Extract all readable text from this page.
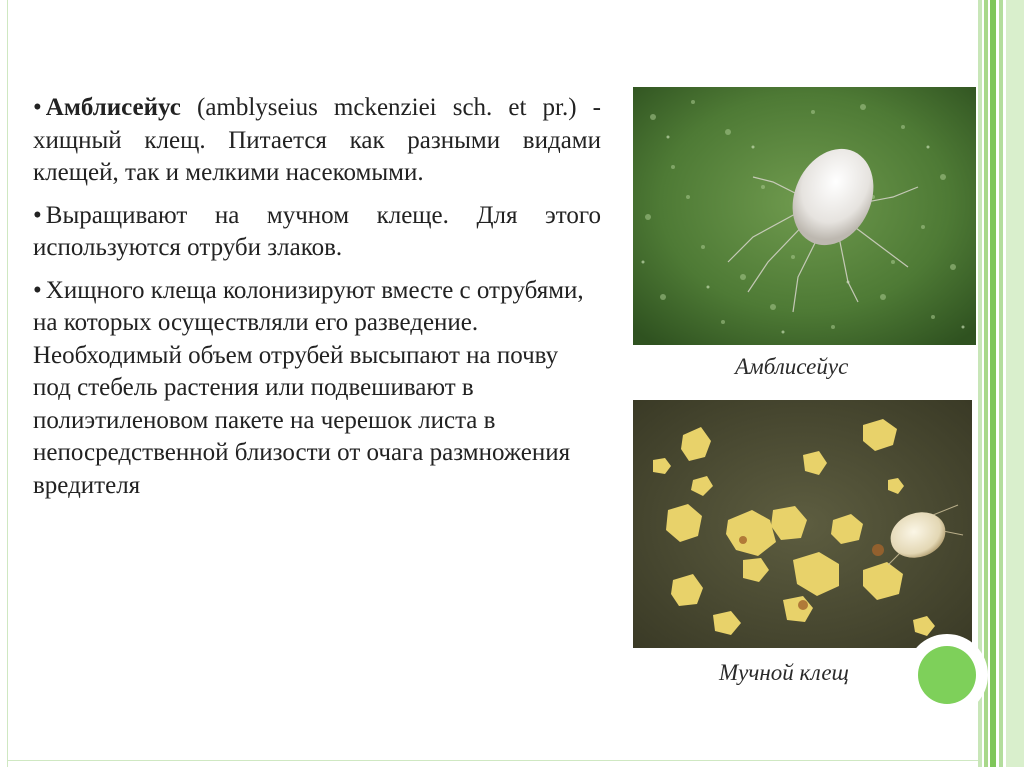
• Амблисейус (amblyseius mckenziei sch. et pr.) - хищный клещ. Питается как разными видами клещей, так и мелкими насекомыми.

• Выращивают на мучном клеще. Для этого используются отруби злаков.

• Хищного клеща колонизируют вместе с отрубями, на которых осуществляли его разведение. Необходимый объем отрубей высыпают на почву под стебель растения или подвешивают в полиэтиленовом пакете на черешок листа в непосредственной близости от очага размножения вредителя

Амблисейус
Мучной клещ
